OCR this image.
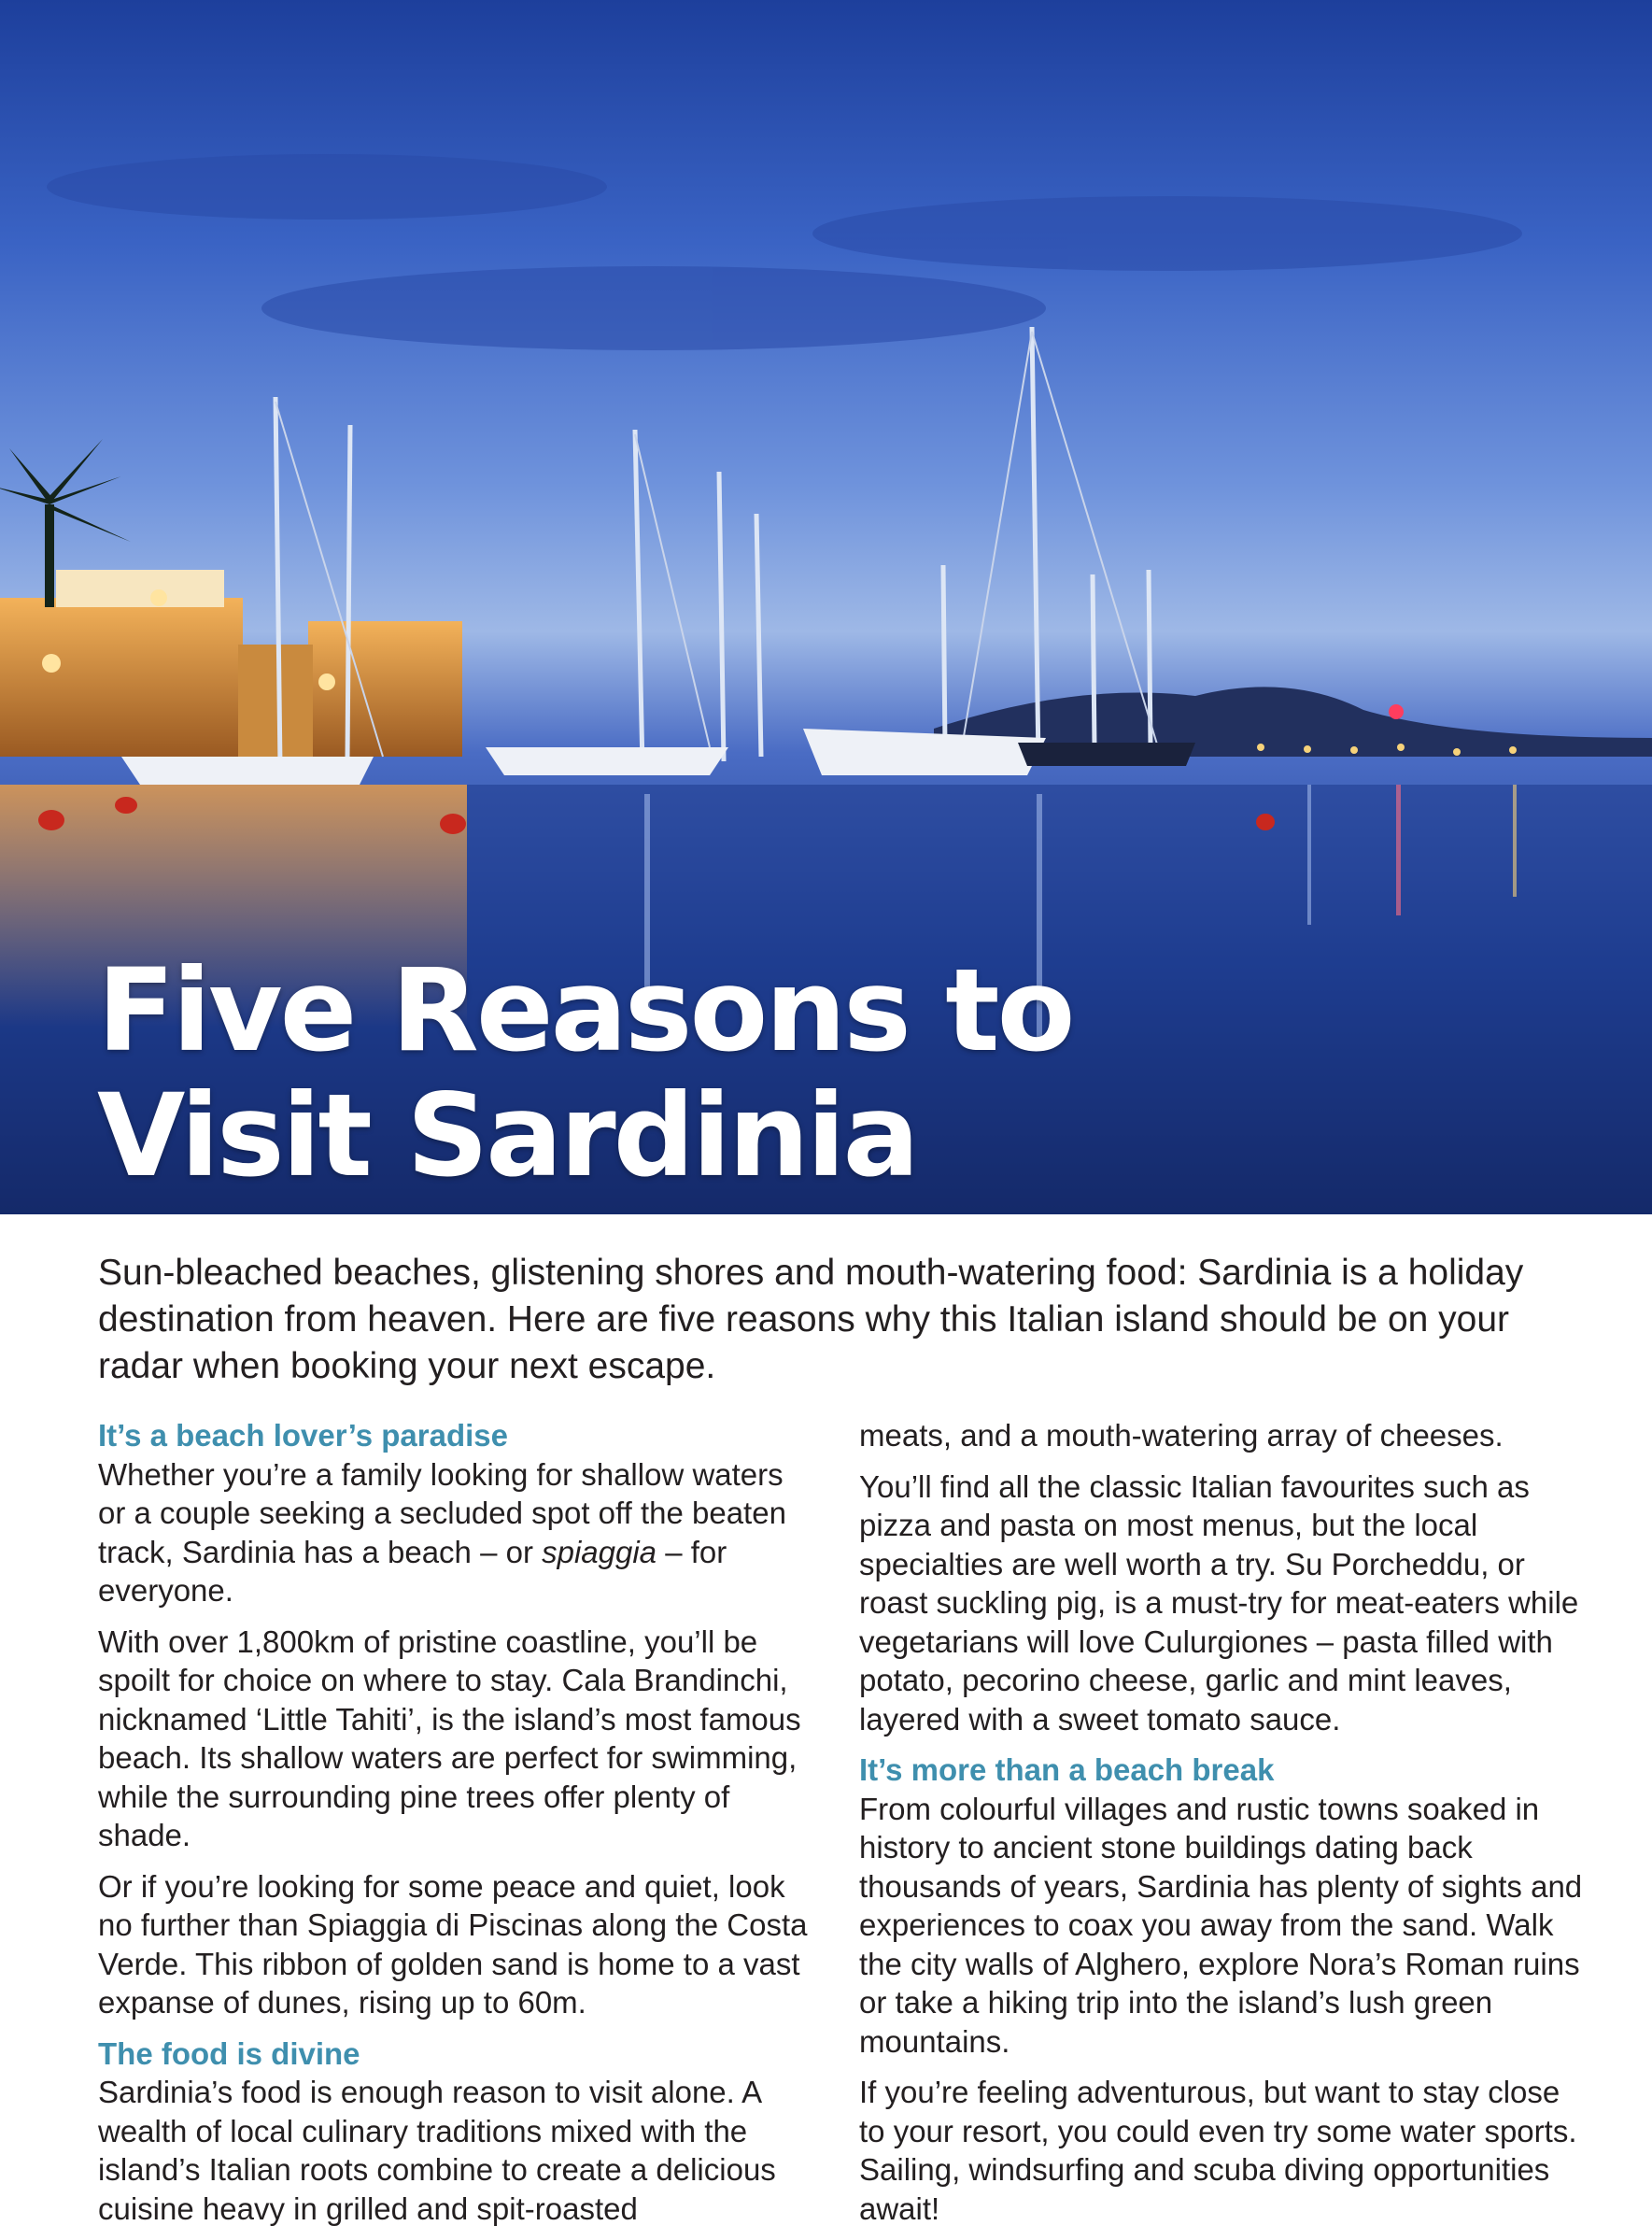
Five Reasons to
Visit Sardinia

Sun-bleached beaches, glistening shores and mouth-watering food: Sardinia is a holiday destination from heaven. Here are five reasons why this Italian island should be on your radar when booking your next escape.

It’s a beach lover’s paradise

Whether you’re a family looking for shallow waters or a couple seeking a secluded spot off the beaten track, Sardinia has a beach – or spiaggia – for everyone.

With over 1,800km of pristine coastline, you’ll be spoilt for choice on where to stay. Cala Brandinchi, nicknamed ‘Little Tahiti’, is the island’s most famous beach. Its shallow waters are perfect for swimming, while the surrounding pine trees offer plenty of shade.

Or if you’re looking for some peace and quiet, look no further than Spiaggia di Piscinas along the Costa Verde. This ribbon of golden sand is home to a vast expanse of dunes, rising up to 60m.

The food is divine

Sardinia’s food is enough reason to visit alone. A wealth of local culinary traditions mixed with the island’s Italian roots combine to create a delicious cuisine heavy in grilled and spit-roasted

meats, and a mouth-watering array of cheeses.

You’ll find all the classic Italian favourites such as pizza and pasta on most menus, but the local specialties are well worth a try. Su Porcheddu, or roast suckling pig, is a must-try for meat-eaters while vegetarians will love Culurgiones – pasta filled with potato, pecorino cheese, garlic and mint leaves, layered with a sweet tomato sauce.

It’s more than a beach break

From colourful villages and rustic towns soaked in history to ancient stone buildings dating back thousands of years, Sardinia has plenty of sights and experiences to coax you away from the sand. Walk the city walls of Alghero, explore Nora’s Roman ruins or take a hiking trip into the island’s lush green mountains.

If you’re feeling adventurous, but want to stay close to your resort, you could even try some water sports. Sailing, windsurfing and scuba diving opportunities await!
